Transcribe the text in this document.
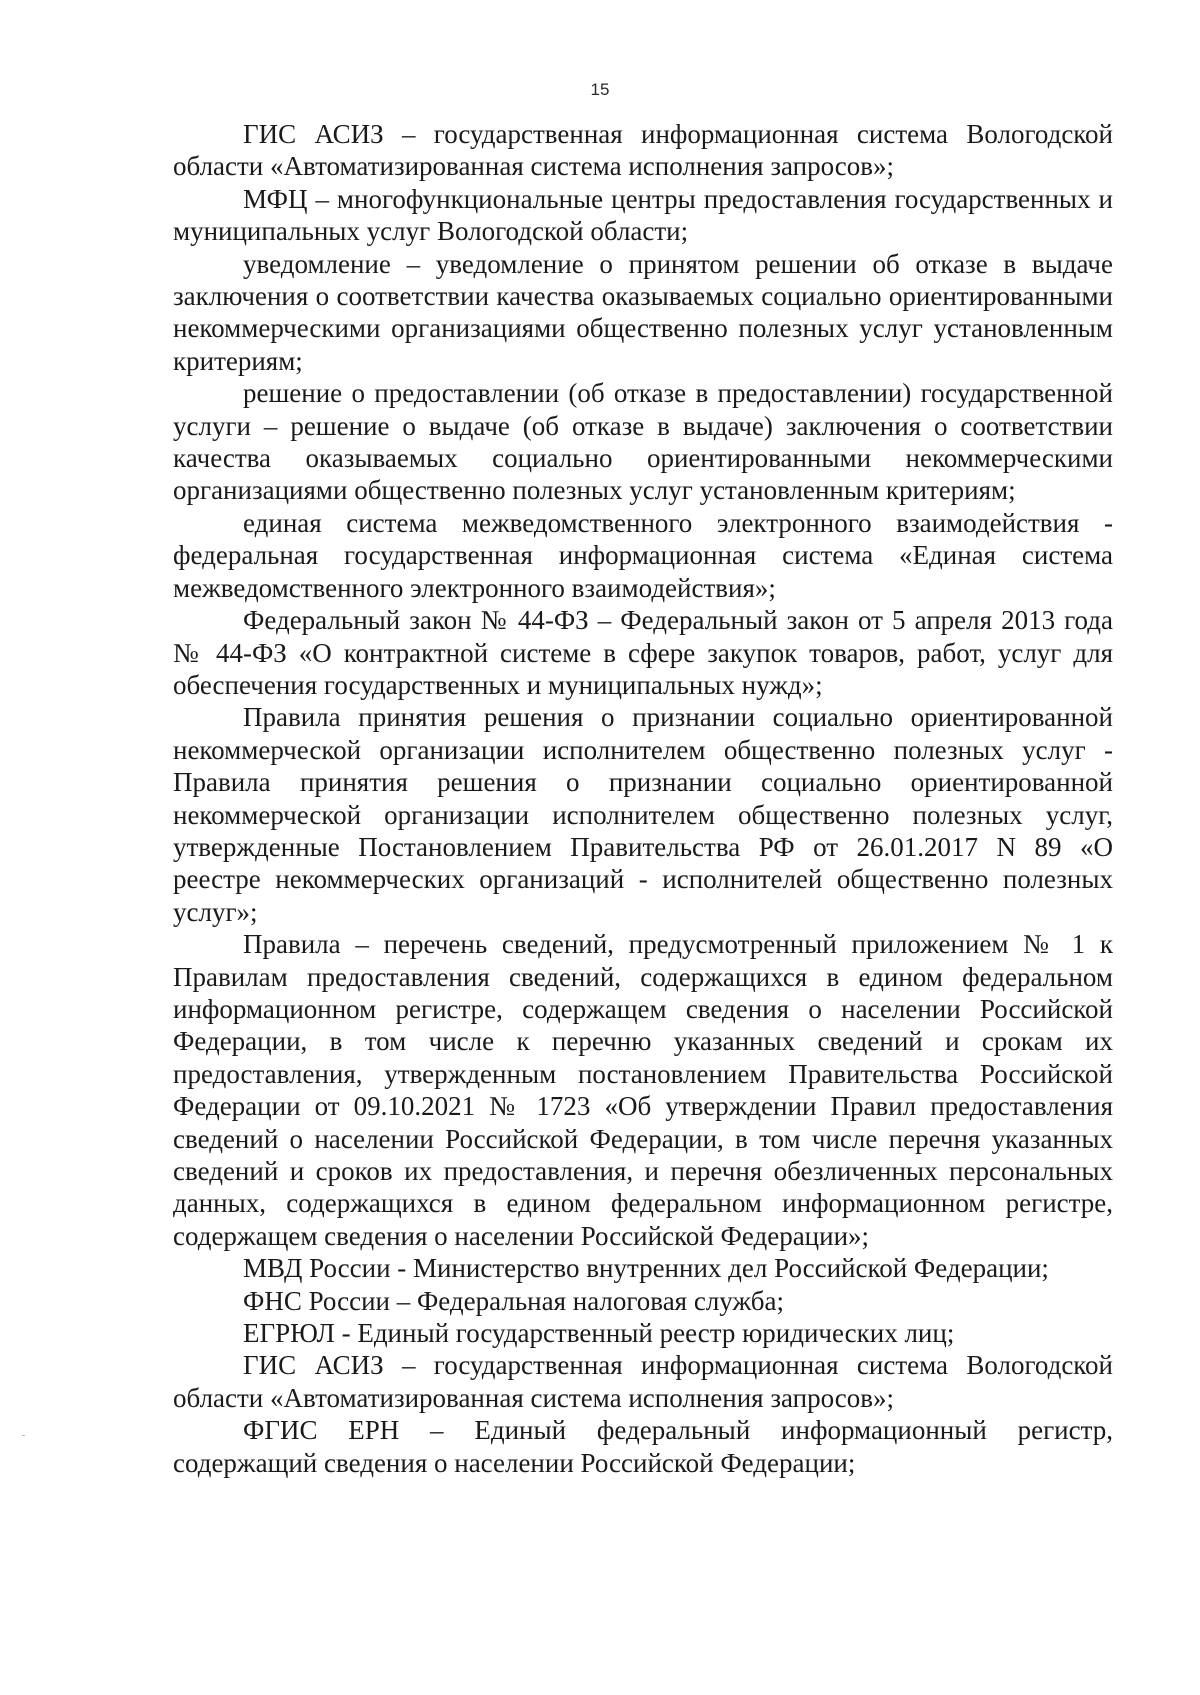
15

ГИС АСИЗ – государственная информационная система Вологодской области «Автоматизированная система исполнения запросов»;

МФЦ – многофункциональные центры предоставления государственных и муниципальных услуг Вологодской области;

уведомление – уведомление о принятом решении об отказе в выдаче заключения о соответствии качества оказываемых социально ориентированными некоммерческими организациями общественно полезных услуг установленным критериям;

решение о предоставлении (об отказе в предоставлении) государственной услуги – решение о выдаче (об отказе в выдаче) заключения о соответствии качества оказываемых социально ориентированными некоммерческими организациями общественно полезных услуг установленным критериям;

единая система межведомственного электронного взаимодействия - федеральная государственная информационная система «Единая система межведомственного электронного взаимодействия»;

Федеральный закон № 44-ФЗ – Федеральный закон от 5 апреля 2013 года № 44-ФЗ «О контрактной системе в сфере закупок товаров, работ, услуг для обеспечения государственных и муниципальных нужд»;

Правила принятия решения о признании социально ориентированной некоммерческой организации исполнителем общественно полезных услуг - Правила принятия решения о признании социально ориентированной некоммерческой организации исполнителем общественно полезных услуг, утвержденные Постановлением Правительства РФ от 26.01.2017 N 89 «О реестре некоммерческих организаций - исполнителей общественно полезных услуг»;

Правила – перечень сведений, предусмотренный приложением № 1 к Правилам предоставления сведений, содержащихся в едином федеральном информационном регистре, содержащем сведения о населении Российской Федерации, в том числе к перечню указанных сведений и срокам их предоставления, утвержденным постановлением Правительства Российской Федерации от 09.10.2021 № 1723 «Об утверждении Правил предоставления сведений о населении Российской Федерации, в том числе перечня указанных сведений и сроков их предоставления, и перечня обезличенных персональных данных, содержащихся в едином федеральном информационном регистре, содержащем сведения о населении Российской Федерации»;

МВД России - Министерство внутренних дел Российской Федерации;

ФНС России – Федеральная налоговая служба;

ЕГРЮЛ - Единый государственный реестр юридических лиц;

ГИС АСИЗ – государственная информационная система Вологодской области «Автоматизированная система исполнения запросов»;

ФГИС ЕРН – Единый федеральный информационный регистр, содержащий сведения о населении Российской Федерации;
